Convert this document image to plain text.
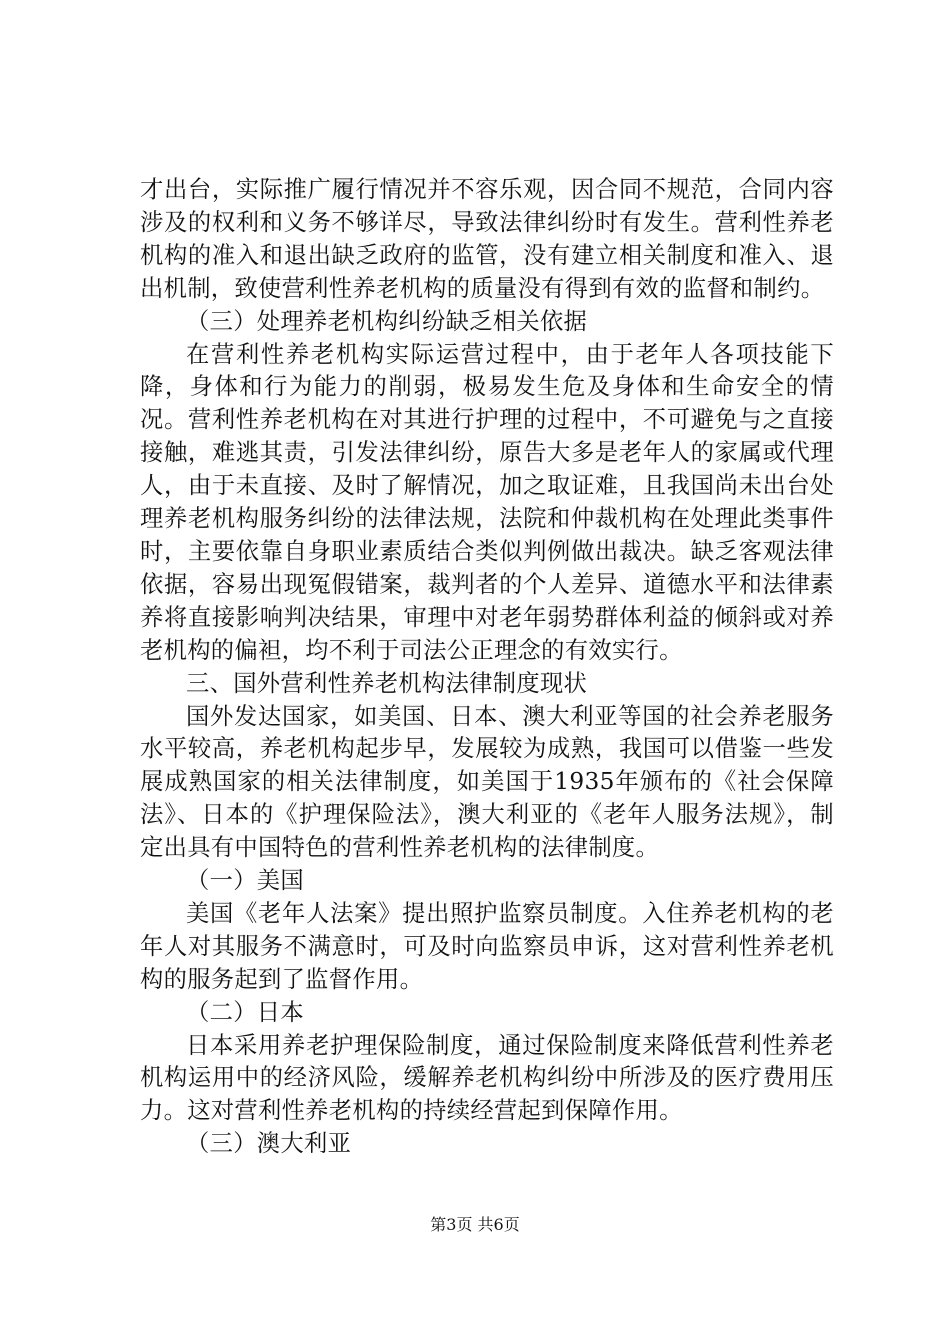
才出台，实际推广履行情况并不容乐观，因合同不规范，合同内容涉及的权利和义务不够详尽，导致法律纠纷时有发生。营利性养老机构的准入和退出缺乏政府的监管，没有建立相关制度和准入、退出机制，致使营利性养老机构的质量没有得到有效的监督和制约。

（三）处理养老机构纠纷缺乏相关依据

在营利性养老机构实际运营过程中，由于老年人各项技能下降，身体和行为能力的削弱，极易发生危及身体和生命安全的情况。营利性养老机构在对其进行护理的过程中，不可避免与之直接接触，难逃其责，引发法律纠纷，原告大多是老年人的家属或代理人，由于未直接、及时了解情况，加之取证难，且我国尚未出台处理养老机构服务纠纷的法律法规，法院和仲裁机构在处理此类事件时，主要依靠自身职业素质结合类似判例做出裁决。缺乏客观法律依据，容易出现冤假错案，裁判者的个人差异、道德水平和法律素养将直接影响判决结果，审理中对老年弱势群体利益的倾斜或对养老机构的偏袒，均不利于司法公正理念的有效实行。

三、国外营利性养老机构法律制度现状

国外发达国家，如美国、日本、澳大利亚等国的社会养老服务水平较高，养老机构起步早，发展较为成熟，我国可以借鉴一些发展成熟国家的相关法律制度，如美国于1935年颁布的《社会保障法》、日本的《护理保险法》，澳大利亚的《老年人服务法规》，制定出具有中国特色的营利性养老机构的法律制度。

（一）美国

美国《老年人法案》提出照护监察员制度。入住养老机构的老年人对其服务不满意时，可及时向监察员申诉，这对营利性养老机构的服务起到了监督作用。

（二）日本

日本采用养老护理保险制度，通过保险制度来降低营利性养老机构运用中的经济风险，缓解养老机构纠纷中所涉及的医疗费用压力。这对营利性养老机构的持续经营起到保障作用。

（三）澳大利亚

第3页 共6页
